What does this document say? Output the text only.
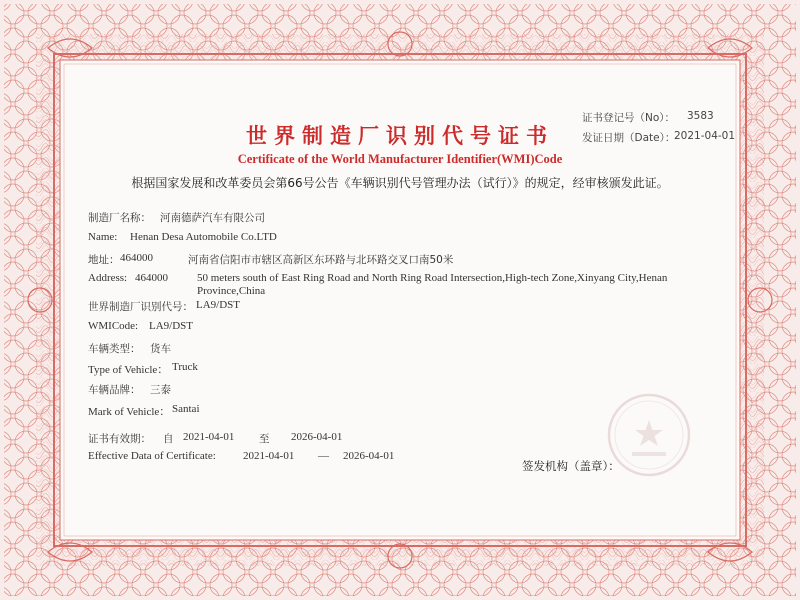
证书登记号（No）： 3583
发证日期（Date）：
2021-04-01
世界制造厂识别代号证书
Certificate of the World Manufacturer Identifier(WMI)Code
根据国家发展和改革委员会第66号公告《车辆识别代号管理办法（试行）》的规定，经审核颁发此证。
制造厂名称： 河南德萨汽车有限公司
Name: Henan Desa Automobile Co.LTD
地址： 464000	河南省信阳市市辖区高新区东环路与北环路交叉口南50米
Address: 464000	50 meters south of East Ring Road and North Ring Road Intersection,High-tech Zone,Xinyang City,Henan Province,China
世界制造厂识别代号： LA9/DST
WMICode: LA9/DST
车辆类型： 货车
Type of Vehicle： Truck
车辆品牌： 三泰
Mark of Vehicle： Santai
证书有效期： 自 2021-04-01 至 2026-04-01
Effective Data of Certificate: 2021-04-01 — 2026-04-01
签发机构（盖章）：
